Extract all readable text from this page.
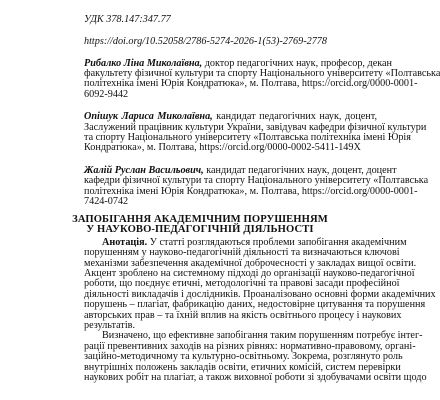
УДК 378.147:347.77
https://doi.org/10.52058/2786-5274-2026-1(53)-2769-2778
Рибалко Ліна Миколаївна, доктор педагогічних наук, професор, декан
факультету фізичної культури та спорту Національного університету «Полтавська
політехніка імені Юрія Кондратюка», м. Полтава, https://orcid.org/0000-0001-
6092-9442
Опішук Лариса Миколаївна, кандидат педагогічних наук, доцент,
Заслужений працівник культури України, завідувач кафедри фізичної культури
та спорту Національного університету «Полтавська політехніка імені Юрія
Кондратюка», м. Полтава, https://orcid.org/0000-0002-5411-149X
Жалій Руслан Васильович, кандидат педагогічних наук, доцент, доцент
кафедри фізичної культури та спорту Національного університету «Полтавська
політехніка імені Юрія Кондратюка», м. Полтава, https://orcid.org/0000-0001-
7424-0742
ЗАПОБІГАННЯ АКАДЕМІЧНИМ ПОРУШЕННЯМ
У НАУКОВО-ПЕДАГОГІЧНІЙ ДІЯЛЬНОСТІ
Анотація. У статті розглядаються проблеми запобігання академічним
порушенням у науково-педагогічній діяльності та визначаються ключові
механізми забезпечення академічної доброчесності у закладах вищої освіти.
Акцент зроблено на системному підході до організації науково-педагогічної
роботи, що поєднує етичні, методологічні та правові засади професійної
діяльності викладачів і дослідників. Проаналізовано основні форми академічних
порушень – плагіат, фабрикацію даних, недостовірне цитування та порушення
авторських прав – та їхній вплив на якість освітнього процесу і наукових
результатів.
Визначено, що ефективне запобігання таким порушенням потребує інтег-
рації превентивних заходів на різних рівнях: нормативно-правовому, органі-
заційно-методичному та культурно-освітньому. Зокрема, розглянуто роль
внутрішніх положень закладів освіти, етичних комісій, систем перевірки
наукових робіт на плагіат, а також виховної роботи зі здобувачами освіти щодо
